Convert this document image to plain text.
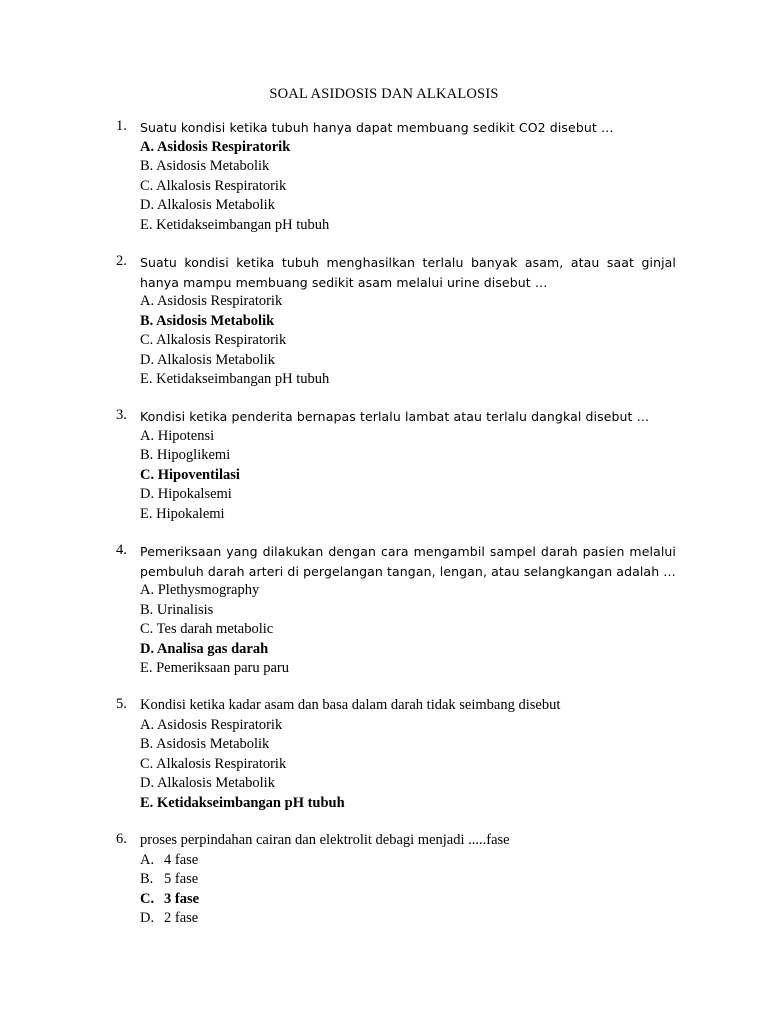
SOAL ASIDOSIS DAN ALKALOSIS
1.	Suatu kondisi ketika tubuh hanya dapat membuang sedikit CO2 disebut …
A. Asidosis Respiratorik
B. Asidosis Metabolik
C. Alkalosis Respiratorik
D. Alkalosis Metabolik
E. Ketidakseimbangan pH tubuh
2.	Suatu kondisi ketika tubuh menghasilkan terlalu banyak asam, atau saat ginjal hanya mampu membuang sedikit asam melalui urine disebut …
A. Asidosis Respiratorik
B. Asidosis Metabolik
C. Alkalosis Respiratorik
D. Alkalosis Metabolik
E. Ketidakseimbangan pH tubuh
3.	Kondisi ketika penderita bernapas terlalu lambat atau terlalu dangkal disebut …
A. Hipotensi
B. Hipoglikemi
C. Hipoventilasi
D. Hipokalsemi
E. Hipokalemi
4.	Pemeriksaan yang dilakukan dengan cara mengambil sampel darah pasien melalui pembuluh darah arteri di pergelangan tangan, lengan, atau selangkangan adalah …
A. Plethysmography
B. Urinalisis
C. Tes darah metabolic
D. Analisa gas darah
E. Pemeriksaan paru paru
5. Kondisi ketika kadar asam dan basa dalam darah tidak seimbang disebut
A. Asidosis Respiratorik
B. Asidosis Metabolik
C. Alkalosis Respiratorik
D. Alkalosis Metabolik
E. Ketidakseimbangan pH tubuh
6. proses perpindahan cairan dan elektrolit debagi menjadi .....fase
A. 4 fase
B. 5 fase
C. 3 fase
D. 2 fase
